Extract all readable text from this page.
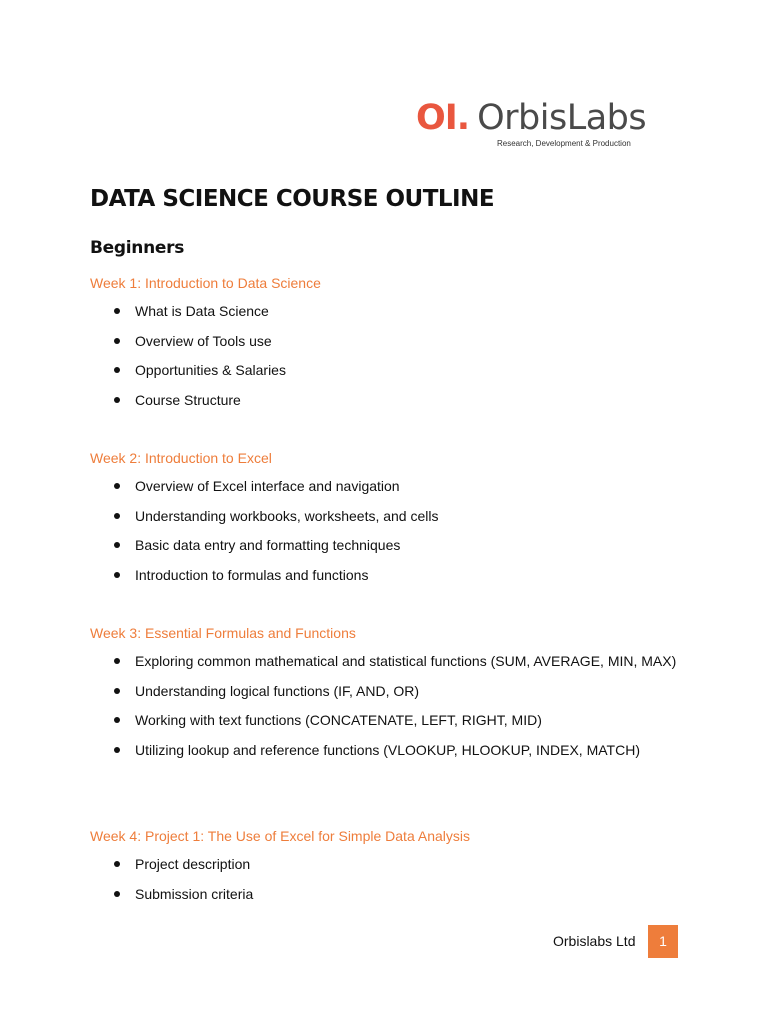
OI. OrbisLabs
Research, Development & Production
DATA SCIENCE COURSE OUTLINE
Beginners
Week 1: Introduction to Data Science
What is Data Science
Overview of Tools use
Opportunities & Salaries
Course Structure
Week 2: Introduction to Excel
Overview of Excel interface and navigation
Understanding workbooks, worksheets, and cells
Basic data entry and formatting techniques
Introduction to formulas and functions
Week 3: Essential Formulas and Functions
Exploring common mathematical and statistical functions (SUM, AVERAGE, MIN, MAX)
Understanding logical functions (IF, AND, OR)
Working with text functions (CONCATENATE, LEFT, RIGHT, MID)
Utilizing lookup and reference functions (VLOOKUP, HLOOKUP, INDEX, MATCH)
Week 4: Project 1: The Use of Excel for Simple Data Analysis
Project description
Submission criteria
Orbislabs Ltd	1
